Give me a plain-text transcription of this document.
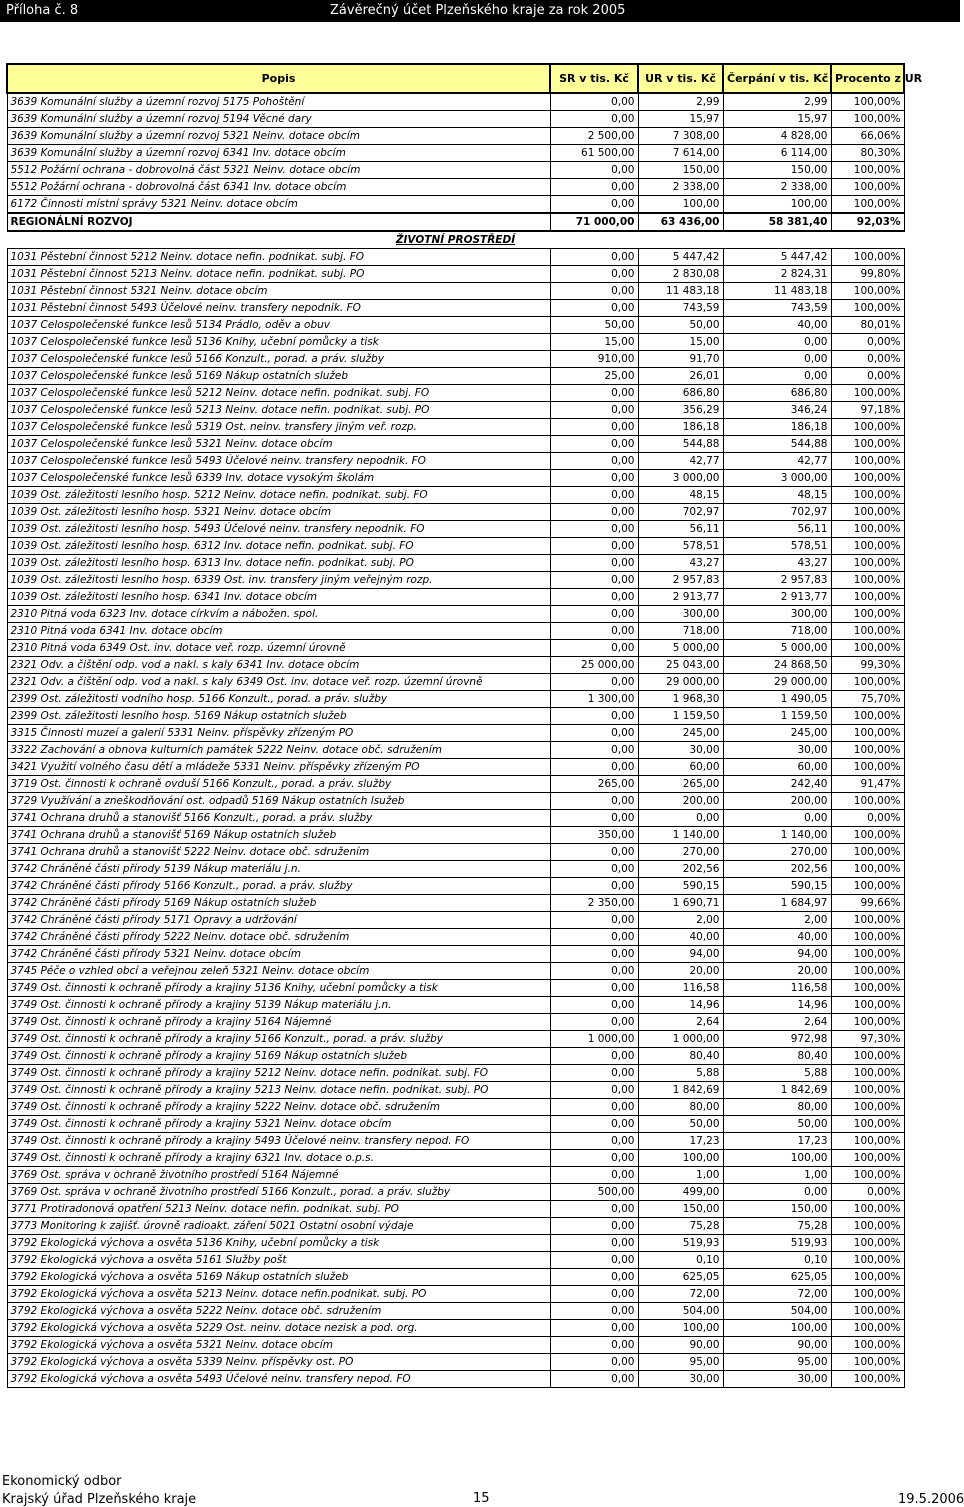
Příloha č. 8	Závěrečný účet Plzeňského kraje za rok 2005
Popis	SR v tis. Kč	UR v tis. Kč	Čerpání v tis. Kč	Procento z UR
3639 Komunální služby a územní rozvoj 5175 Pohoštění	0,00	2,99	2,99	100,00%
3639 Komunální služby a územní rozvoj 5194 Věcné dary	0,00	15,97	15,97	100,00%
3639 Komunální služby a územní rozvoj 5321 Neinv. dotace obcím	2 500,00	7 308,00	4 828,00	66,06%
3639 Komunální služby a územní rozvoj 6341 Inv. dotace obcím	61 500,00	7 614,00	6 114,00	80,30%
5512 Požární ochrana - dobrovolná část 5321 Neinv. dotace obcím	0,00	150,00	150,00	100,00%
5512 Požární ochrana - dobrovolná část 6341 Inv. dotace obcím	0,00	2 338,00	2 338,00	100,00%
6172 Činnosti místní správy 5321 Neinv. dotace obcím	0,00	100,00	100,00	100,00%
REGIONÁLNÍ ROZVOJ	71 000,00	63 436,00	58 381,40	92,03%
ŽIVOTNÍ PROSTŘEDÍ				
1031 Pěstební činnost 5212 Neinv. dotace nefin. podnikat. subj. FO	0,00	5 447,42	5 447,42	100,00%
1031 Pěstební činnost 5213 Neinv. dotace nefin. podnikat. subj. PO	0,00	2 830,08	2 824,31	99,80%
1031 Pěstební činnost 5321 Neinv. dotace obcím	0,00	11 483,18	11 483,18	100,00%
1031 Pěstební činnost 5493 Účelové neinv. transfery nepodnik. FO	0,00	743,59	743,59	100,00%
1037 Celospolečenské funkce lesů 5134 Prádlo, oděv a obuv	50,00	50,00	40,00	80,01%
1037 Celospolečenské funkce lesů 5136 Knihy, učební pomůcky a tisk	15,00	15,00	0,00	0,00%
1037 Celospolečenské funkce lesů 5166 Konzult., porad. a práv. služby	910,00	91,70	0,00	0,00%
1037 Celospolečenské funkce lesů 5169 Nákup ostatních služeb	25,00	26,01	0,00	0,00%
1037 Celospolečenské funkce lesů 5212 Neinv. dotace nefin. podnikat. subj. FO	0,00	686,80	686,80	100,00%
1037 Celospolečenské funkce lesů 5213 Neinv. dotace nefin. podnikat. subj. PO	0,00	356,29	346,24	97,18%
1037 Celospolečenské funkce lesů 5319 Ost. neinv. transfery jiným veř. rozp.	0,00	186,18	186,18	100,00%
1037 Celospolečenské funkce lesů 5321 Neinv. dotace obcím	0,00	544,88	544,88	100,00%
1037 Celospolečenské funkce lesů 5493 Účelové neinv. transfery nepodnik. FO	0,00	42,77	42,77	100,00%
1037 Celospolečenské funkce lesů 6339 Inv. dotace vysokým školám	0,00	3 000,00	3 000,00	100,00%
1039 Ost. záležitosti lesního hosp. 5212 Neinv. dotace nefin. podnikat. subj. FO	0,00	48,15	48,15	100,00%
1039 Ost. záležitosti lesního hosp. 5321 Neinv. dotace obcím	0,00	702,97	702,97	100,00%
1039 Ost. záležitosti lesního hosp. 5493 Účelové neinv. transfery nepodnik. FO	0,00	56,11	56,11	100,00%
1039 Ost. záležitosti lesního hosp. 6312 Inv. dotace nefin. podnikat. subj. FO	0,00	578,51	578,51	100,00%
1039 Ost. záležitosti lesního hosp. 6313 Inv. dotace nefin. podnikat. subj. PO	0,00	43,27	43,27	100,00%
1039 Ost. záležitosti lesního hosp. 6339 Ost. inv. transfery jiným veřejným rozp.	0,00	2 957,83	2 957,83	100,00%
1039 Ost. záležitosti lesního hosp. 6341 Inv. dotace obcím	0,00	2 913,77	2 913,77	100,00%
2310 Pitná voda 6323 Inv. dotace církvím a nábožen. spol.	0,00	300,00	300,00	100,00%
2310 Pitná voda 6341 Inv. dotace obcím	0,00	718,00	718,00	100,00%
2310 Pitná voda 6349 Ost. inv. dotace veř. rozp. územní úrovně	0,00	5 000,00	5 000,00	100,00%
2321 Odv. a čištění odp. vod a nakl. s kaly 6341 Inv. dotace obcím	25 000,00	25 043,00	24 868,50	99,30%
2321 Odv. a čištění odp. vod a nakl. s kaly 6349 Ost. inv. dotace veř. rozp. územní úrovně	0,00	29 000,00	29 000,00	100,00%
2399 Ost. záležitosti vodního hosp. 5166 Konzult., porad. a práv. služby	1 300,00	1 968,30	1 490,05	75,70%
2399 Ost. záležitosti lesního hosp. 5169 Nákup ostatních služeb	0,00	1 159,50	1 159,50	100,00%
3315 Činnosti muzeí a galerií 5331 Neinv. příspěvky zřízeným PO	0,00	245,00	245,00	100,00%
3322 Zachování a obnova kulturních památek 5222 Neinv. dotace obč. sdružením	0,00	30,00	30,00	100,00%
3421 Využití volného času dětí a mládeže 5331 Neinv. příspěvky zřízeným PO	0,00	60,00	60,00	100,00%
3719 Ost. činnosti k ochraně ovduší 5166 Konzult., porad. a práv. služby	265,00	265,00	242,40	91,47%
3729 Využívání a zneškodňování ost. odpadů 5169 Nákup ostatních lsužeb	0,00	200,00	200,00	100,00%
3741 Ochrana druhů a stanovišť 5166 Konzult., porad. a práv. služby	0,00	0,00	0,00	0,00%
3741 Ochrana druhů a stanovišť 5169 Nákup ostatních služeb	350,00	1 140,00	1 140,00	100,00%
3741 Ochrana druhů a stanovišť 5222 Neinv. dotace obč. sdružením	0,00	270,00	270,00	100,00%
3742 Chráněné části přírody 5139 Nákup materiálu j.n.	0,00	202,56	202,56	100,00%
3742 Chráněné části přírody 5166 Konzult., porad. a práv. služby	0,00	590,15	590,15	100,00%
3742 Chráněné části přírody 5169 Nákup ostatních služeb	2 350,00	1 690,71	1 684,97	99,66%
3742 Chráněné části přírody 5171 Opravy a udržování	0,00	2,00	2,00	100,00%
3742 Chráněné části přírody 5222 Neinv. dotace obč. sdružením	0,00	40,00	40,00	100,00%
3742 Chráněné části přírody 5321 Neinv. dotace obcím	0,00	94,00	94,00	100,00%
3745 Péče o vzhled obcí a veřejnou zeleň 5321 Neinv. dotace obcím	0,00	20,00	20,00	100,00%
3749 Ost. činnosti k ochraně přírody a krajiny 5136 Knihy, učební pomůcky a tisk	0,00	116,58	116,58	100,00%
3749 Ost. činnosti k ochraně přírody a krajiny 5139 Nákup materiálu j.n.	0,00	14,96	14,96	100,00%
3749 Ost. činnosti k ochraně přírody a krajiny 5164 Nájemné	0,00	2,64	2,64	100,00%
3749 Ost. činnosti k ochraně přírody a krajiny 5166 Konzult., porad. a práv. služby	1 000,00	1 000,00	972,98	97,30%
3749 Ost. činnosti k ochraně přírody a krajiny 5169 Nákup ostatních služeb	0,00	80,40	80,40	100,00%
3749 Ost. činnosti k ochraně přírody a krajiny 5212 Neinv. dotace nefin. podnikat. subj. FO	0,00	5,88	5,88	100,00%
3749 Ost. činnosti k ochraně přírody a krajiny 5213 Neinv. dotace nefin. podnikat. subj. PO	0,00	1 842,69	1 842,69	100,00%
3749 Ost. činnosti k ochraně přírody a krajiny 5222 Neinv. dotace obč. sdružením	0,00	80,00	80,00	100,00%
3749 Ost. činnosti k ochraně přírody a krajiny 5321 Neinv. dotace obcím	0,00	50,00	50,00	100,00%
3749 Ost. činnosti k ochraně přírody a krajiny 5493 Účelové neinv. transfery nepod. FO	0,00	17,23	17,23	100,00%
3749 Ost. činnosti k ochraně přírody a krajiny 6321 Inv. dotace o.p.s.	0,00	100,00	100,00	100,00%
3769 Ost. správa v ochraně životního prostředí 5164 Nájemné	0,00	1,00	1,00	100,00%
3769 Ost. správa v ochraně životního prostředí 5166 Konzult., porad. a práv. služby	500,00	499,00	0,00	0,00%
3771 Protiradonová opatření 5213 Neinv. dotace nefin. podnikat. subj. PO	0,00	150,00	150,00	100,00%
3773 Monitoring k zajišť. úrovně radioakt. záření 5021 Ostatní osobní výdaje	0,00	75,28	75,28	100,00%
3792 Ekologická výchova a osvěta 5136 Knihy, učební pomůcky a tisk	0,00	519,93	519,93	100,00%
3792 Ekologická výchova a osvěta 5161 Služby pošt	0,00	0,10	0,10	100,00%
3792 Ekologická výchova a osvěta 5169 Nákup ostatních služeb	0,00	625,05	625,05	100,00%
3792 Ekologická výchova a osvěta 5213 Neinv. dotace nefin.podnikat. subj. PO	0,00	72,00	72,00	100,00%
3792 Ekologická výchova a osvěta 5222 Neinv. dotace obč. sdružením	0,00	504,00	504,00	100,00%
3792 Ekologická výchova a osvěta 5229 Ost. neinv. dotace nezisk a pod. org.	0,00	100,00	100,00	100,00%
3792 Ekologická výchova a osvěta 5321 Neinv. dotace obcím	0,00	90,00	90,00	100,00%
3792 Ekologická výchova a osvěta 5339 Neinv. příspěvky ost. PO	0,00	95,00	95,00	100,00%
3792 Ekologická výchova a osvěta 5493 Účelové neinv. transfery nepod. FO	0,00	30,00	30,00	100,00%
Ekonomický odbor
Krajský úřad Plzeňského kraje	15	19.5.2006
